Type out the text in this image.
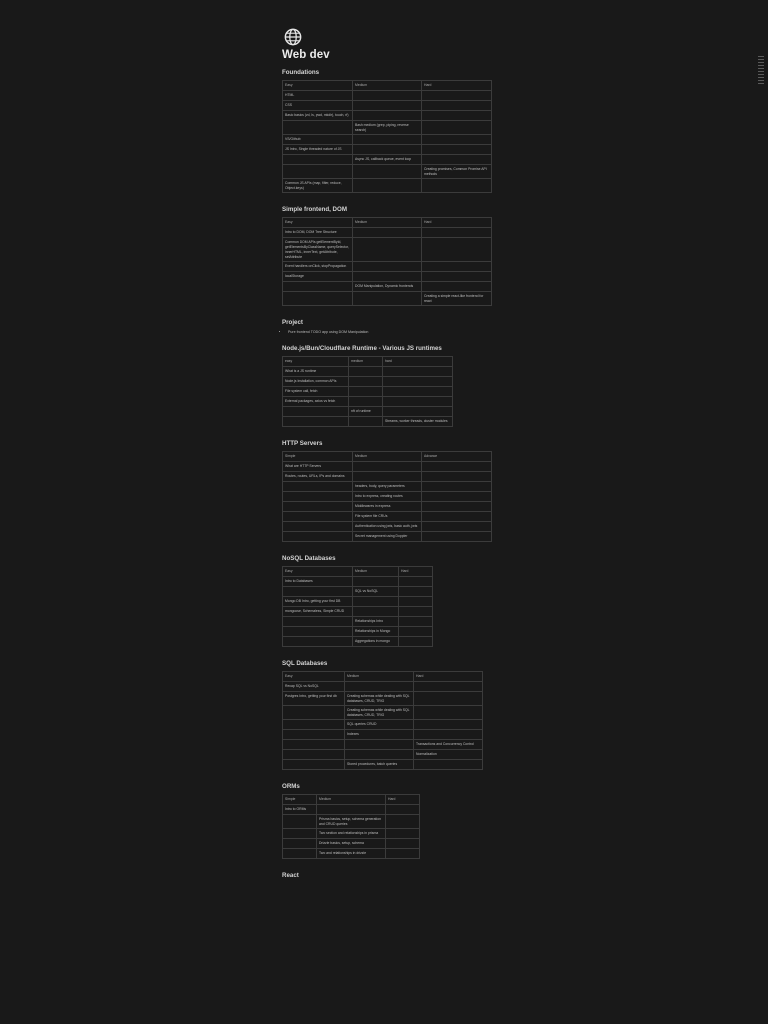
Web dev
Foundations
Easy	Medium	Hard
HTML		
CSS		
Basic basics (vd, ls, pwd, mkdir), touch, rf)		
	Bash medium (grep, piping, reverse search)	
VS/Github		
JS Intro, Single threaded nature of JS		
	Async JS, callback queue, event loop	
		Creating promises, Common Promise API methods
Common JS APIs (map, filter, reduce, Object.keys)		
Simple frontend, DOM
Easy	Medium	Hard
Intro to DOM, DOM Tree Structure		
Common DOM APIs getElementById, getElementsByClassName, querySelector, innerHTML, innerText, getAttribute, setAttribute		
Event handlers onClick, stopPropagation		
localStorage		
	DOM Manipulation, Dynamic frontends	
		Creating a simple react-like frontend for react
Project
• Pure frontend TODO app using DOM Manipulation
Node.js/Bun/Cloudflare Runtime - Various JS runtimes
easy	medium	hard
What is a JS runtime		
Node.js Installation, common APIs		
File system call, fetch		
External packages, axios vs fetch		
	nft of runtime	
		Streams, worker threads, cluster modules
HTTP Servers
Simple	Medium	Advance
What are HTTP Servers		
Routes, routes, URLs, IPs and domains		
	headers, body, query parameters	
	Intro to express, creating routes	
	Middlewares in express	
	File system file CRUs	
	Authentication using jwts, basic auth, jwts	
	Secret management using Doppler	
NoSQL Databases
Easy	Medium	Hard
Intro to Databases		
	SQL vs NoSQL	
Mongo DB Intro, getting your first DB		
mongoose, Schemaless, Simple CRUD		
	Relationships Intro	
	Relationships in Mongo	
	Aggregations in mongo	
SQL Databases
Easy	Medium	Hard
Recap SQL vs NoSQL		
Postgres Intro, getting your first db	Creating schemas while dealing with SQL databases, CRUD, TRIG	
	Creating schemas while dealing with SQL databases, CRUD, TRIG	
	SQL queries CRUD	
	Indexes	
		Transactions and Concurrency Control
		Normalization
	Stored procedures, batch queries	
ORMs
Simple	Medium	Hard
Intro to ORMs		
	Prisma basics, setup, schema generation and CRUD queries	
	Two section and relationships in prisma	
	Drizzle basics, setup, schema	
	Two and relationships in drizzle	
React
